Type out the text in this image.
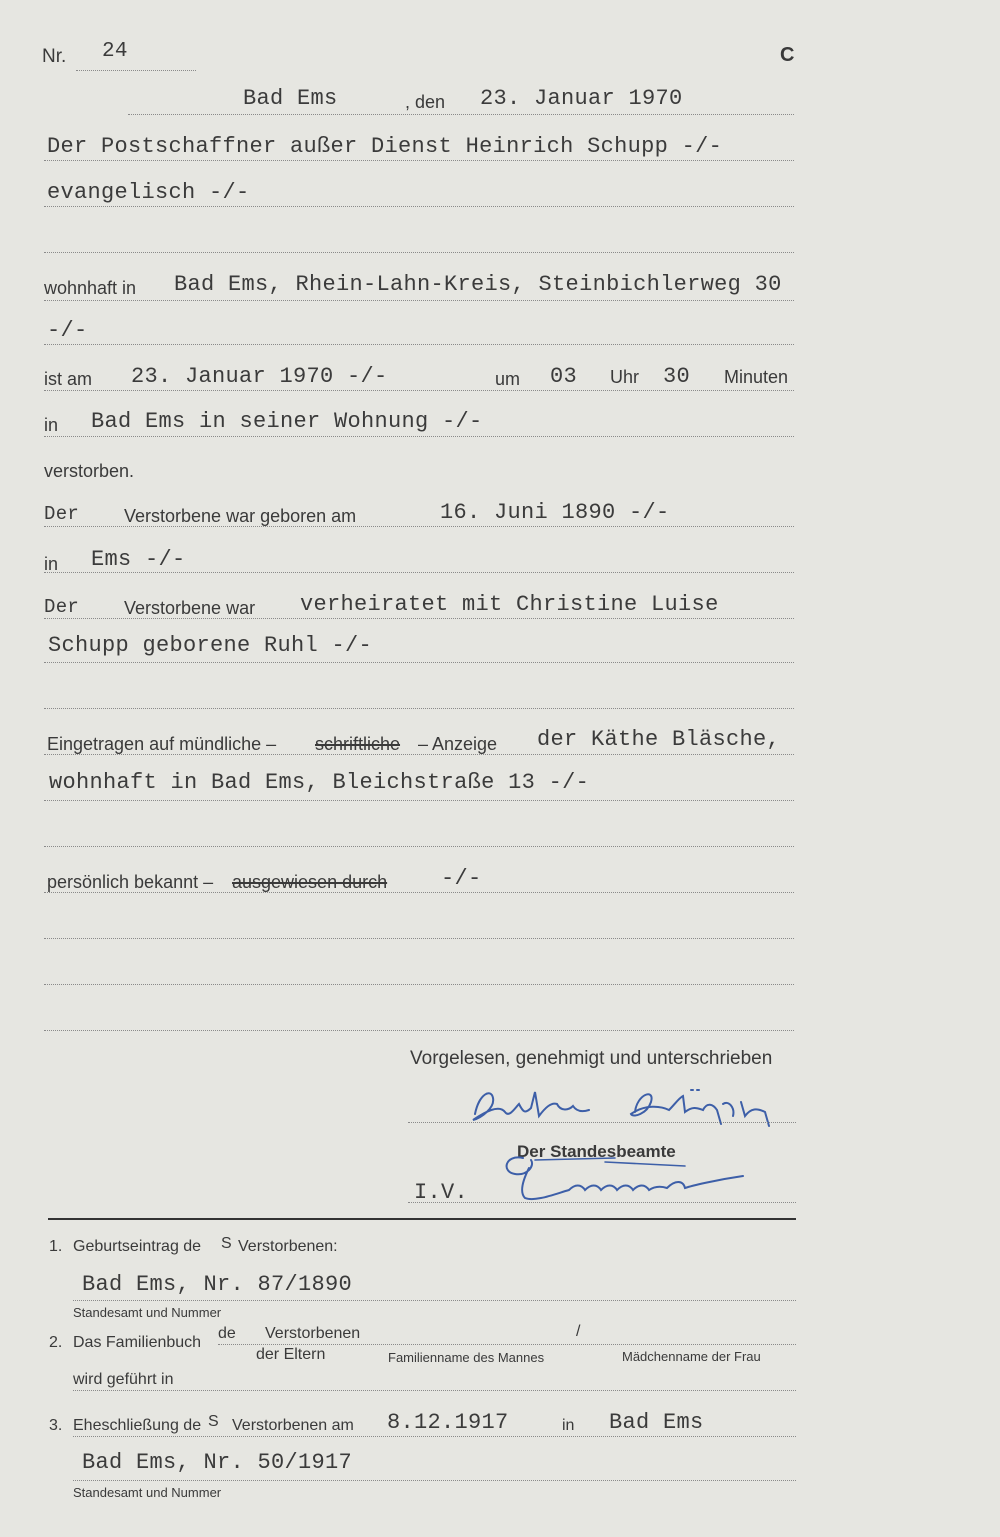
Nr. 24	C
Bad Ems	, den 23. Januar 1970
Der Postschaffner außer Dienst Heinrich Schupp -/-
evangelisch -/-
wohnhaft in Bad Ems, Rhein-Lahn-Kreis, Steinbichlerweg 30
-/-
ist am 23. Januar 1970 -/-	um 03 Uhr 30 Minuten
in Bad Ems in seiner Wohnung -/-
verstorben.
Der Verstorbene war geboren am	16. Juni 1890 -/-
in Ems -/-
Der Verstorbene war verheiratet mit Christine Luise
Schupp geborene Ruhl -/-
Eingetragen auf mündliche – schriftliche – Anzeige der Käthe Bläsche,
wohnhaft in Bad Ems, Bleichstraße 13 -/-
persönlich bekannt – ausgewiesen durch -/-
Vorgelesen, genehmigt und unterschrieben
Der Standesbeamte
I.V.
1. Geburtseintrag de S Verstorbenen:
Bad Ems, Nr. 87/1890
Standesamt und Nummer
2. Das Familienbuch
de Verstorbenen	/
der Eltern	Familienname des Mannes	Mädchenname der Frau
wird geführt in
3. Eheschließung de S Verstorbenen am 8.12.1917	in Bad Ems
Bad Ems, Nr. 50/1917
Standesamt und Nummer
